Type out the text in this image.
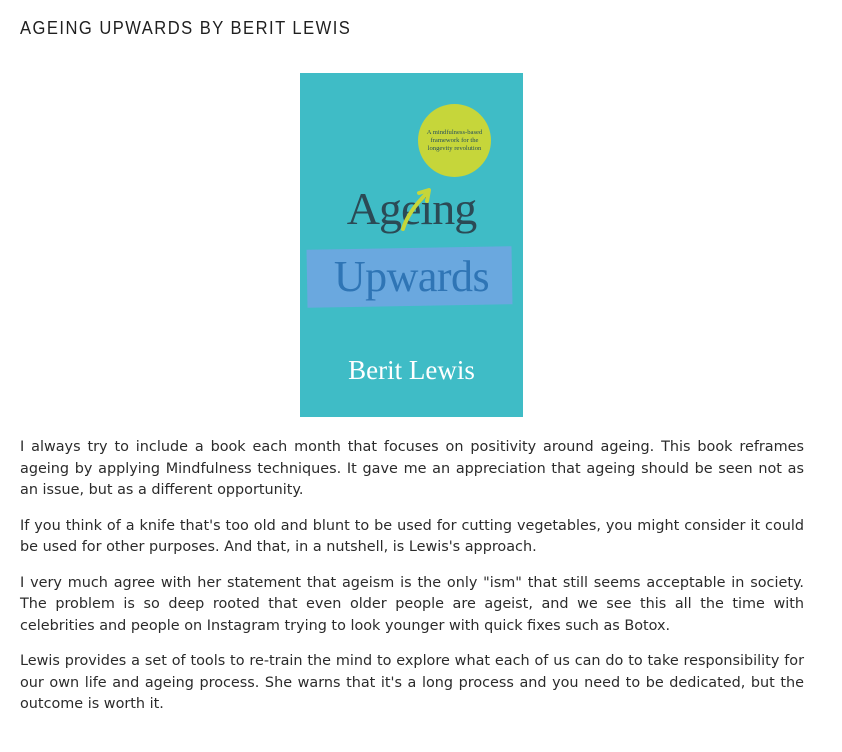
AGEING UPWARDS BY BERIT LEWIS
A mindfulness-based framework for the longevity revolution
Ageing
Upwards
Berit Lewis

I always try to include a book each month that focuses on positivity around ageing. This book reframes ageing by applying Mindfulness techniques. It gave me an appreciation that ageing should be seen not as an issue, but as a different opportunity.

If you think of a knife that's too old and blunt to be used for cutting vegetables, you might consider it could be used for other purposes. And that, in a nutshell, is Lewis's approach.

I very much agree with her statement that ageism is the only "ism" that still seems acceptable in society. The problem is so deep rooted that even older people are ageist, and we see this all the time with celebrities and people on Instagram trying to look younger with quick fixes such as Botox.

Lewis provides a set of tools to re-train the mind to explore what each of us can do to take responsibility for our own life and ageing process. She warns that it's a long process and you need to be dedicated, but the outcome is worth it.
